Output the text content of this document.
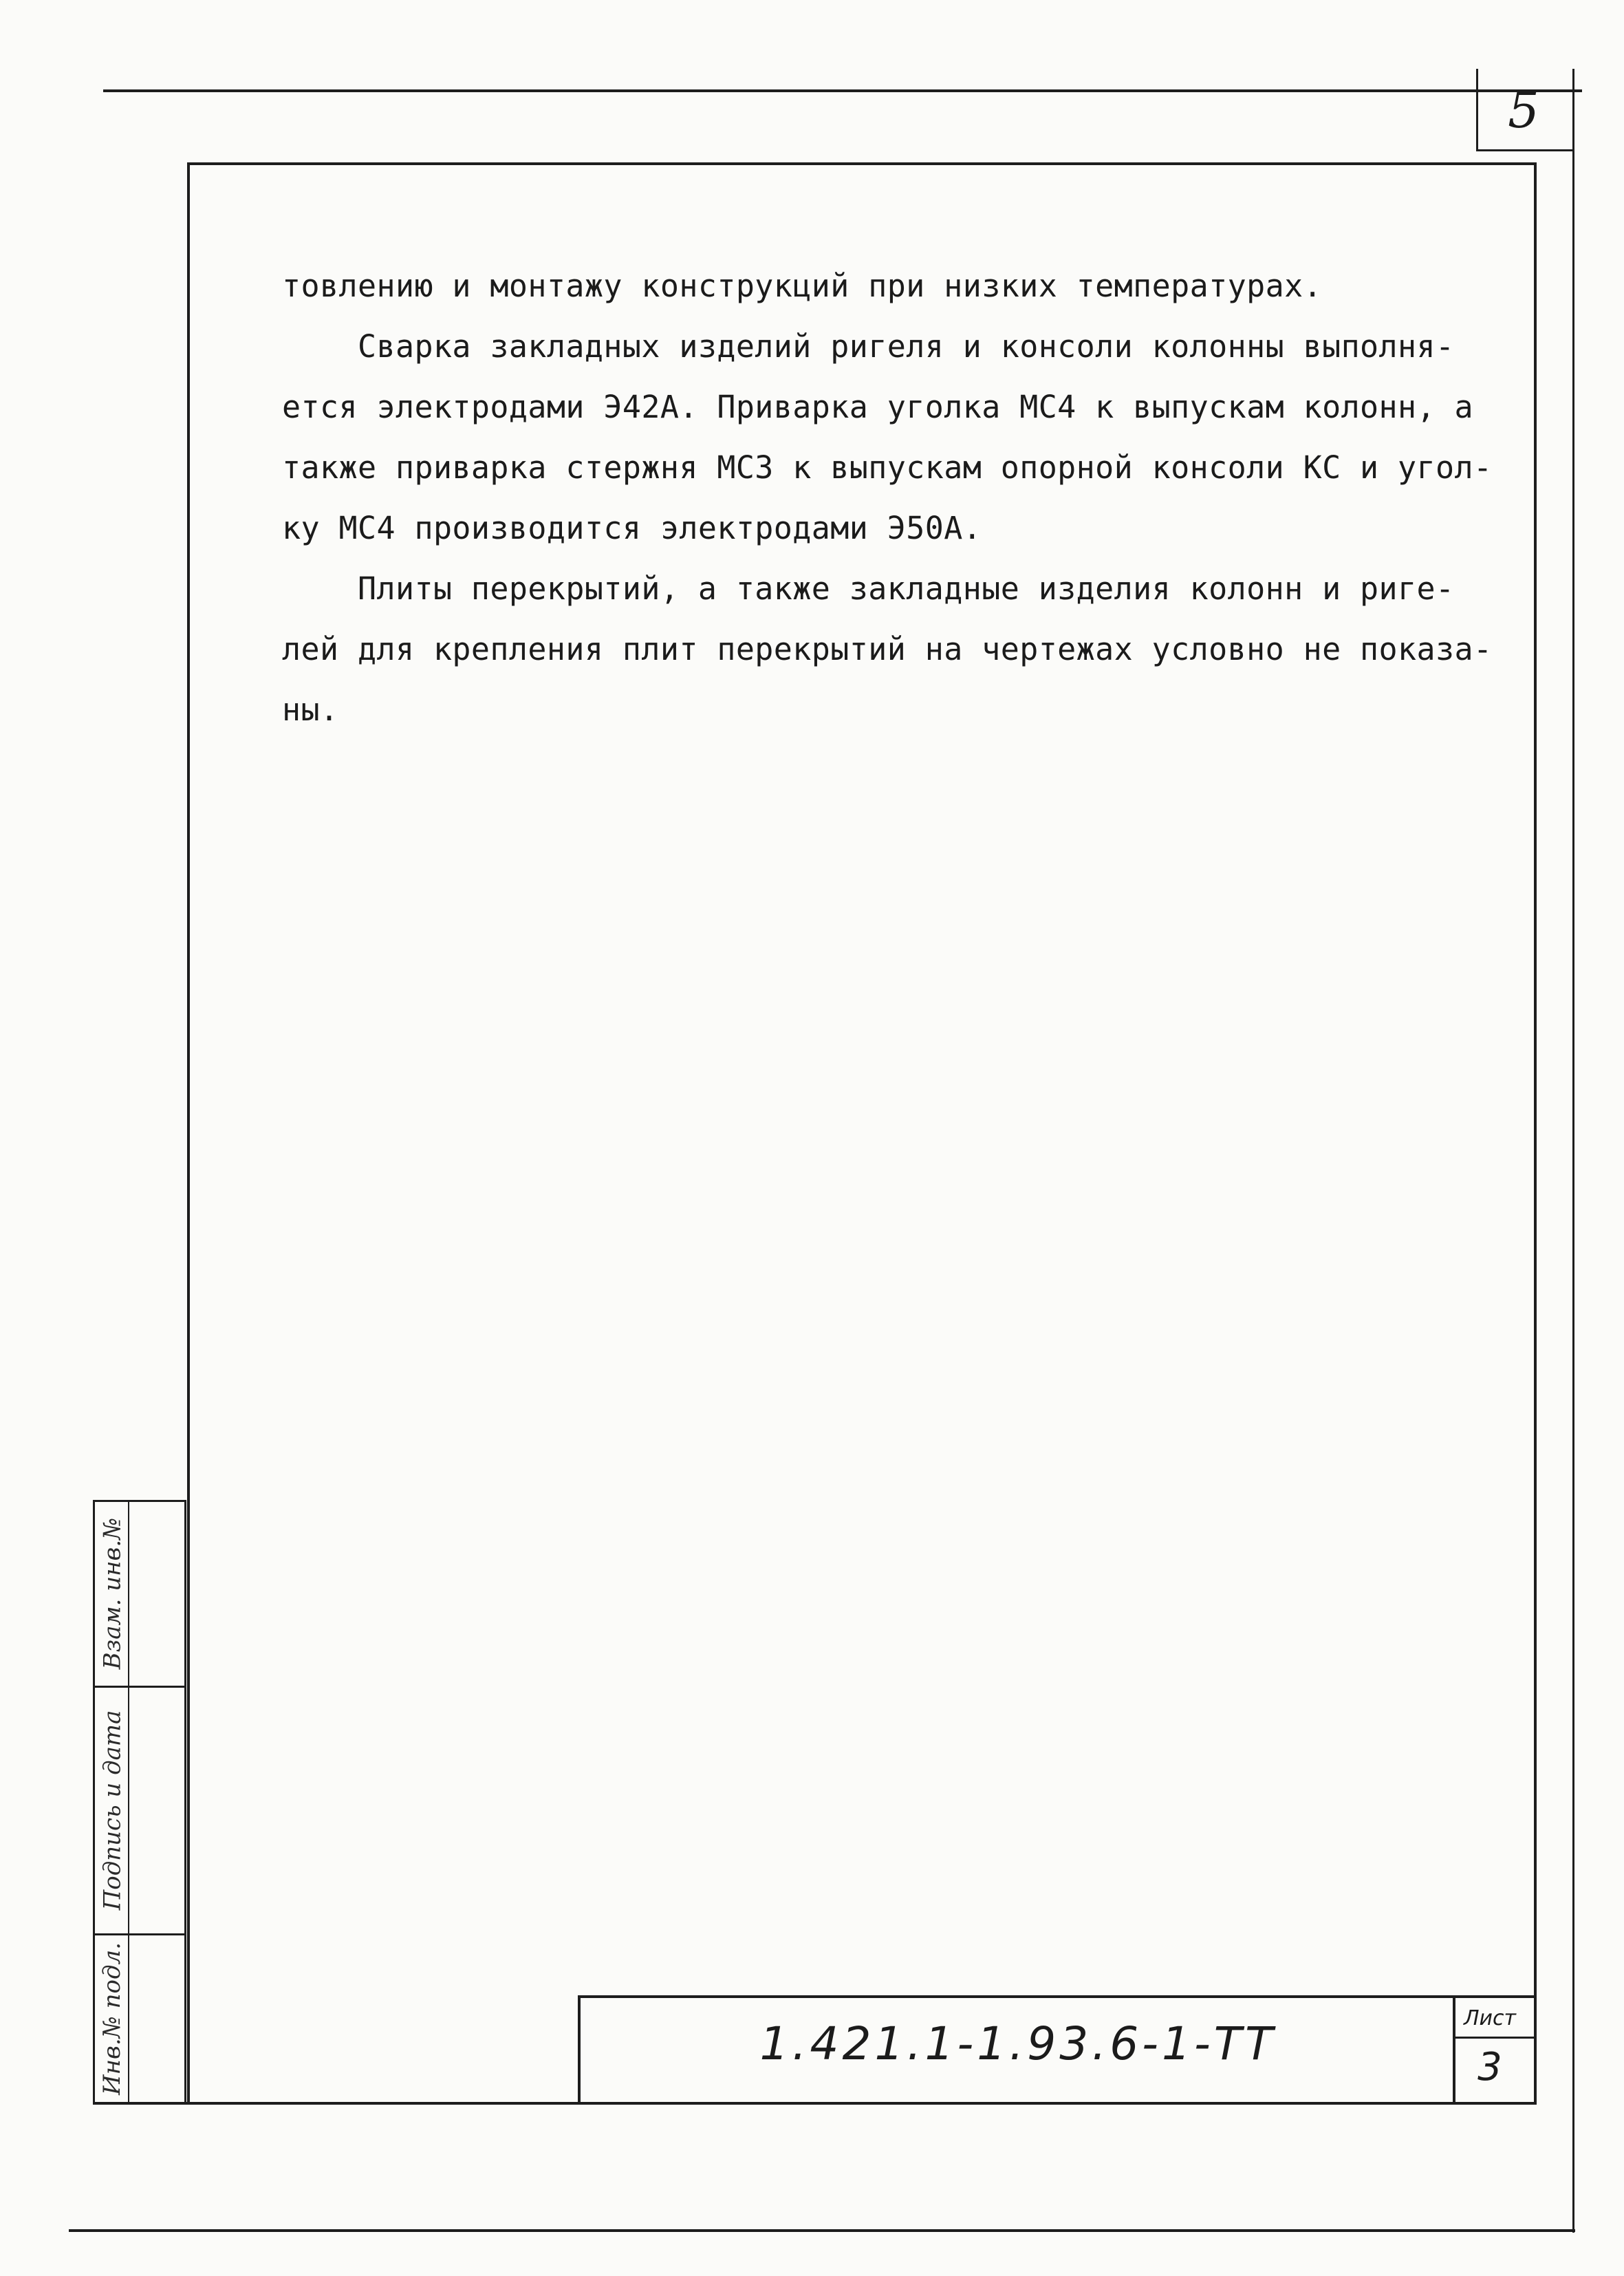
5

товлению и монтажу конструкций при низких температурах.

Сварка закладных изделий ригеля и консоли колонны выполня-
ется электродами Э42А. Приварка уголка МС4 к выпускам колонн, а
также приварка стержня МС3 к выпускам опорной консоли КС и угол-
ку МС4 производится электродами Э50А.

Плиты перекрытий, а также закладные изделия колонн и риге-
лей для крепления плит перекрытий на чертежах условно не показа-
ны.

Взам. инв.№
Подпись и дата
Инв.№ подл.	1.421.1-1.93.6-1-ТТ	Лист
3
